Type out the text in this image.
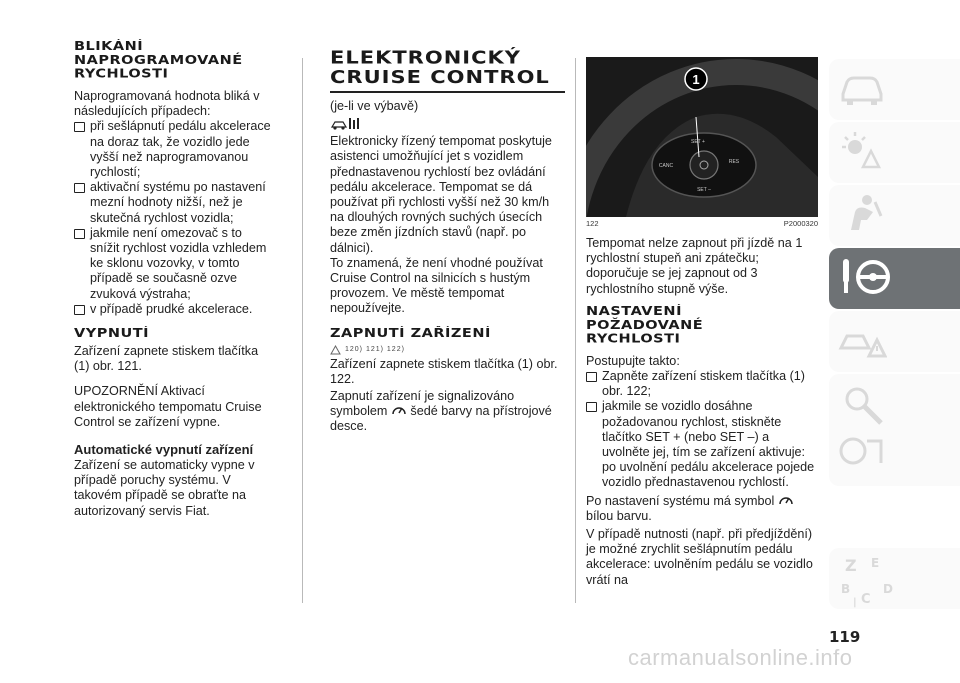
BLIKÁNÍ
NAPROGRAMOVANÉ
RYCHLOSTI

Naprogramovaná hodnota bliká v následujících případech:

při sešlápnutí pedálu akcelerace na doraz tak, že vozidlo jede vyšší než naprogramovanou rychlostí;
aktivační systému po nastavení mezní hodnoty nižší, než je skutečná rychlost vozidla;
jakmile není omezovač s to snížit rychlost vozidla vzhledem ke sklonu vozovky, v tomto případě se současně ozve zvuková výstraha;
v případě prudké akcelerace.
VYPNUTÍ

Zařízení zapnete stiskem tlačítka (1) obr. 121.

UPOZORNĚNÍ Aktivací elektronického tempomatu Cruise Control se zařízení vypne.

Automatické vypnutí zařízení

Zařízení se automaticky vypne v případě poruchy systému. V takovém případě se obraťte na autorizovaný servis Fiat.

ELEKTRONICKÝ
CRUISE CONTROL

(je-li ve výbavě)

Elektronicky řízený tempomat poskytuje asistenci umožňující jet s vozidlem přednastavenou rychlostí bez ovládání pedálu akcelerace. Tempomat se dá používat při rychlosti vyšší než 30 km/h na dlouhých rovných suchých úsecích beze změn jízdních stavů (např. po dálnici).

To znamená, že není vhodné používat Cruise Control na silnicích s hustým provozem. Ve městě tempomat nepoužívejte.

ZAPNUTÍ ZAŘÍZENÍ
120) 121) 122)

Zařízení zapnete stiskem tlačítka (1) obr. 122.

Zapnutí zařízení je signalizováno symbolem šedé barvy na přístrojové desce.

1
SET +
CANC
RES
SET –
122	P2000320

Tempomat nelze zapnout při jízdě na 1 rychlostní stupeň ani zpátečku; doporučuje se jej zapnout od 3 rychlostního stupně výše.

NASTAVENÍ
POŽADOVANÉ
RYCHLOSTI

Postupujte takto:

Zapněte zařízení stiskem tlačítka (1) obr. 122;
jakmile se vozidlo dosáhne požadovanou rychlost, stiskněte tlačítko SET + (nebo SET –) a uvolněte jej, tím se zařízení aktivuje: po uvolnění pedálu akcelerace pojede vozidlo přednastavenou rychlostí.

Po nastavení systému má symbol  bílou barvu.

V případě nutnosti (např. při předjíždění) je možné zrychlit sešlápnutím pedálu akcelerace: uvolněním pedálu se vozidlo vrátí na

Z E
B	D
C
|
119
carmanualsonline.info
